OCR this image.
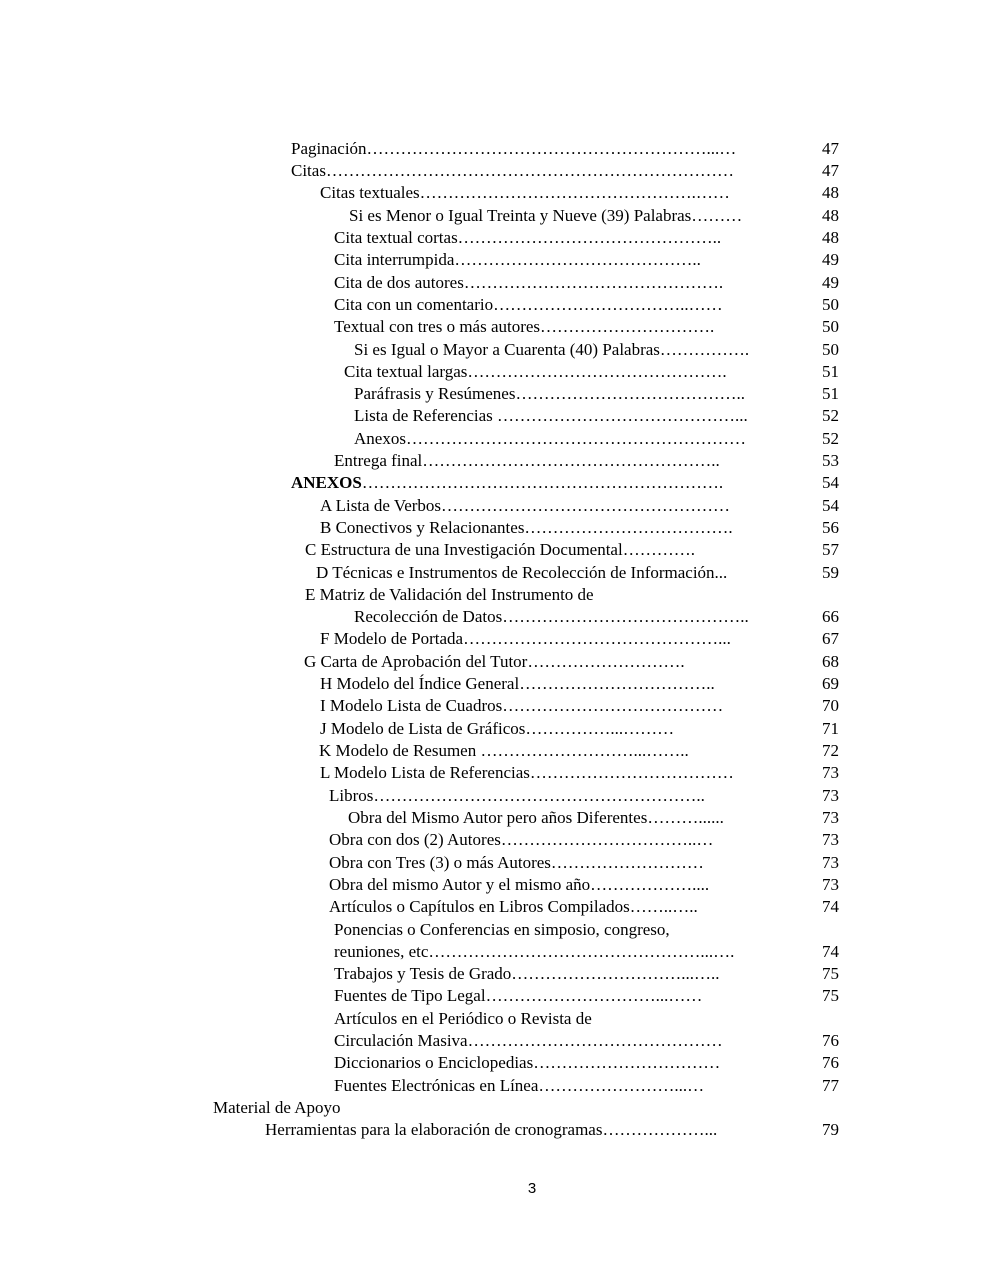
Paginación……………………………………………………...…	47
Citas………………………………………………………………	47
Citas textuales………………………………………….……	48
Si es Menor o Igual Treinta y Nueve (39) Palabras………	48
Cita textual cortas………………………………………..	48
Cita interrumpida……………………………………..	49
Cita de dos autores……………………………………….	49
Cita con un comentario……………………………..……	50
Textual con tres o más autores………………………….	50
Si es Igual o Mayor a Cuarenta (40) Palabras…………….	50
Cita textual largas……………………………………….	51
Paráfrasis y Resúmenes…………………………………..	51
Lista de Referencias ……………………………………...	52
Anexos……………………………………………………	52
Entrega final……………………………………………..	53
ANEXOS……………………………………………………….	54
A Lista de Verbos……………………………………………	54
B Conectivos y Relacionantes……………………………….	56
C Estructura de una Investigación Documental………….	57
D Técnicas e Instrumentos de Recolección de Información...	59
E Matriz de Validación del Instrumento de
Recolección de Datos……………………………………..	66
F Modelo de Portada………………………………………...	67
G Carta de Aprobación del Tutor……………………….	68
H Modelo del Índice General……………………………..	69
I Modelo Lista de Cuadros…………………………………	70
J Modelo de Lista de Gráficos……………...………	71
K Modelo de Resumen ………………………...……..	72
L Modelo Lista de Referencias………………………………	73
Libros…………………………………………………..	73
Obra del Mismo Autor pero años Diferentes………......	73
Obra con dos (2) Autores……………………………..…	73
Obra con Tres (3) o más Autores………………………	73
Obra del mismo Autor y el mismo año………………....	73
Artículos o Capítulos en Libros Compilados……..…..	74
Ponencias o Conferencias en simposio, congreso,
reuniones, etc…………………………………………...….	74
Trabajos y Tesis de Grado…………………………...…..	75
Fuentes de Tipo Legal…………………………...……	75
Artículos en el Periódico o Revista de
Circulación Masiva………………………………………	76
Diccionarios o Enciclopedias……………………………	76
Fuentes Electrónicas en Línea……………………...…	77
Material de Apoyo
Herramientas para la elaboración de cronogramas………………...	79
3
